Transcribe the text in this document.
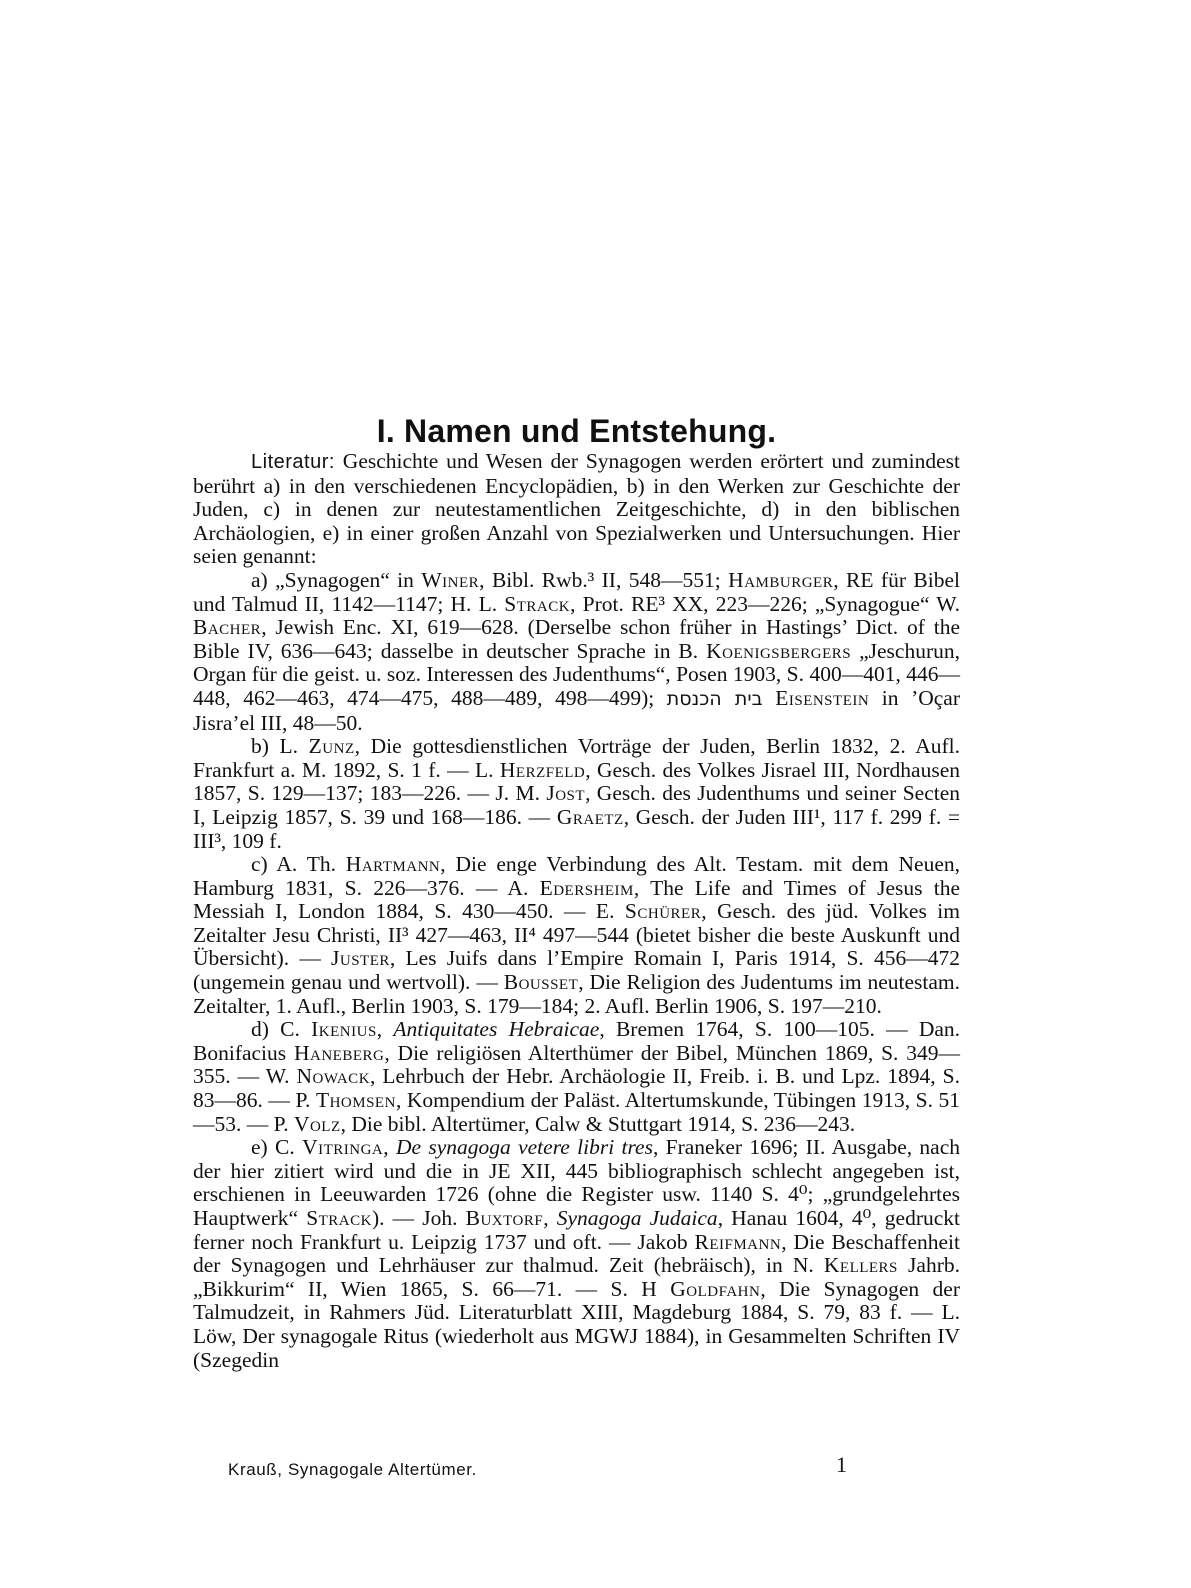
I. Namen und Entstehung.

Literatur: Geschichte und Wesen der Synagogen werden erörtert und zumindest berührt a) in den verschiedenen Encyclopädien, b) in den Werken zur Geschichte der Juden, c) in denen zur neutestamentlichen Zeitgeschichte, d) in den biblischen Archäologien, e) in einer großen Anzahl von Spezialwerken und Untersuchungen. Hier seien genannt:

a) „Synagogen“ in Winer, Bibl. Rwb.³ II, 548—551; Hamburger, RE für Bibel und Talmud II, 1142—1147; H. L. Strack, Prot. RE³ XX, 223—226; „Synagogue“ W. Bacher, Jewish Enc. XI, 619—628. (Derselbe schon früher in Hastings’ Dict. of the Bible IV, 636—643; dasselbe in deutscher Sprache in B. Koenigsbergers „Jeschurun, Organ für die geist. u. soz. Interessen des Judenthums“, Posen 1903, S. 400—401, 446—448, 462—463, 474—475, 488—489, 498—499); בית הכנסת Eisenstein in ’Oçar Jisra’el III, 48—50.

b) L. Zunz, Die gottesdienstlichen Vorträge der Juden, Berlin 1832, 2. Aufl. Frankfurt a. M. 1892, S. 1 f. — L. Herzfeld, Gesch. des Volkes Jisrael III, Nordhausen 1857, S. 129—137; 183—226. — J. M. Jost, Gesch. des Judenthums und seiner Secten I, Leipzig 1857, S. 39 und 168—186. — Graetz, Gesch. der Juden III¹, 117 f. 299 f. = III³, 109 f.

c) A. Th. Hartmann, Die enge Verbindung des Alt. Testam. mit dem Neuen, Hamburg 1831, S. 226—376. — A. Edersheim, The Life and Times of Jesus the Messiah I, London 1884, S. 430—450. — E. Schürer, Gesch. des jüd. Volkes im Zeitalter Jesu Christi, II³ 427—463, II⁴ 497—544 (bietet bisher die beste Auskunft und Übersicht). — Juster, Les Juifs dans l’Empire Romain I, Paris 1914, S. 456—472 (ungemein genau und wertvoll). — Bousset, Die Religion des Judentums im neutestam. Zeitalter, 1. Aufl., Berlin 1903, S. 179—184; 2. Aufl. Berlin 1906, S. 197—210.

d) C. Ikenius, Antiquitates Hebraicae, Bremen 1764, S. 100—105. — Dan. Bonifacius Haneberg, Die religiösen Alterthümer der Bibel, München 1869, S. 349—355. — W. Nowack, Lehrbuch der Hebr. Archäologie II, Freib. i. B. und Lpz. 1894, S. 83—86. — P. Thomsen, Kompendium der Paläst. Altertumskunde, Tübingen 1913, S. 51—53. — P. Volz, Die bibl. Altertümer, Calw & Stuttgart 1914, S. 236—243.

e) C. Vitringa, De synagoga vetere libri tres, Franeker 1696; II. Ausgabe, nach der hier zitiert wird und die in JE XII, 445 bibliographisch schlecht angegeben ist, erschienen in Leeuwarden 1726 (ohne die Register usw. 1140 S. 4⁰; „grundgelehrtes Hauptwerk“ Strack). — Joh. Buxtorf, Synagoga Judaica, Hanau 1604, 4⁰, gedruckt ferner noch Frankfurt u. Leipzig 1737 und oft. — Jakob Reifmann, Die Beschaffenheit der Synagogen und Lehrhäuser zur thalmud. Zeit (hebräisch), in N. Kellers Jahrb. „Bikkurim“ II, Wien 1865, S. 66—71. — S. H Goldfahn, Die Synagogen der Talmudzeit, in Rahmers Jüd. Literaturblatt XIII, Magdeburg 1884, S. 79, 83 f. — L. Löw, Der synagogale Ritus (wiederholt aus MGWJ 1884), in Gesammelten Schriften IV (Szegedin

Krauß, Synagogale Altertümer.	1
